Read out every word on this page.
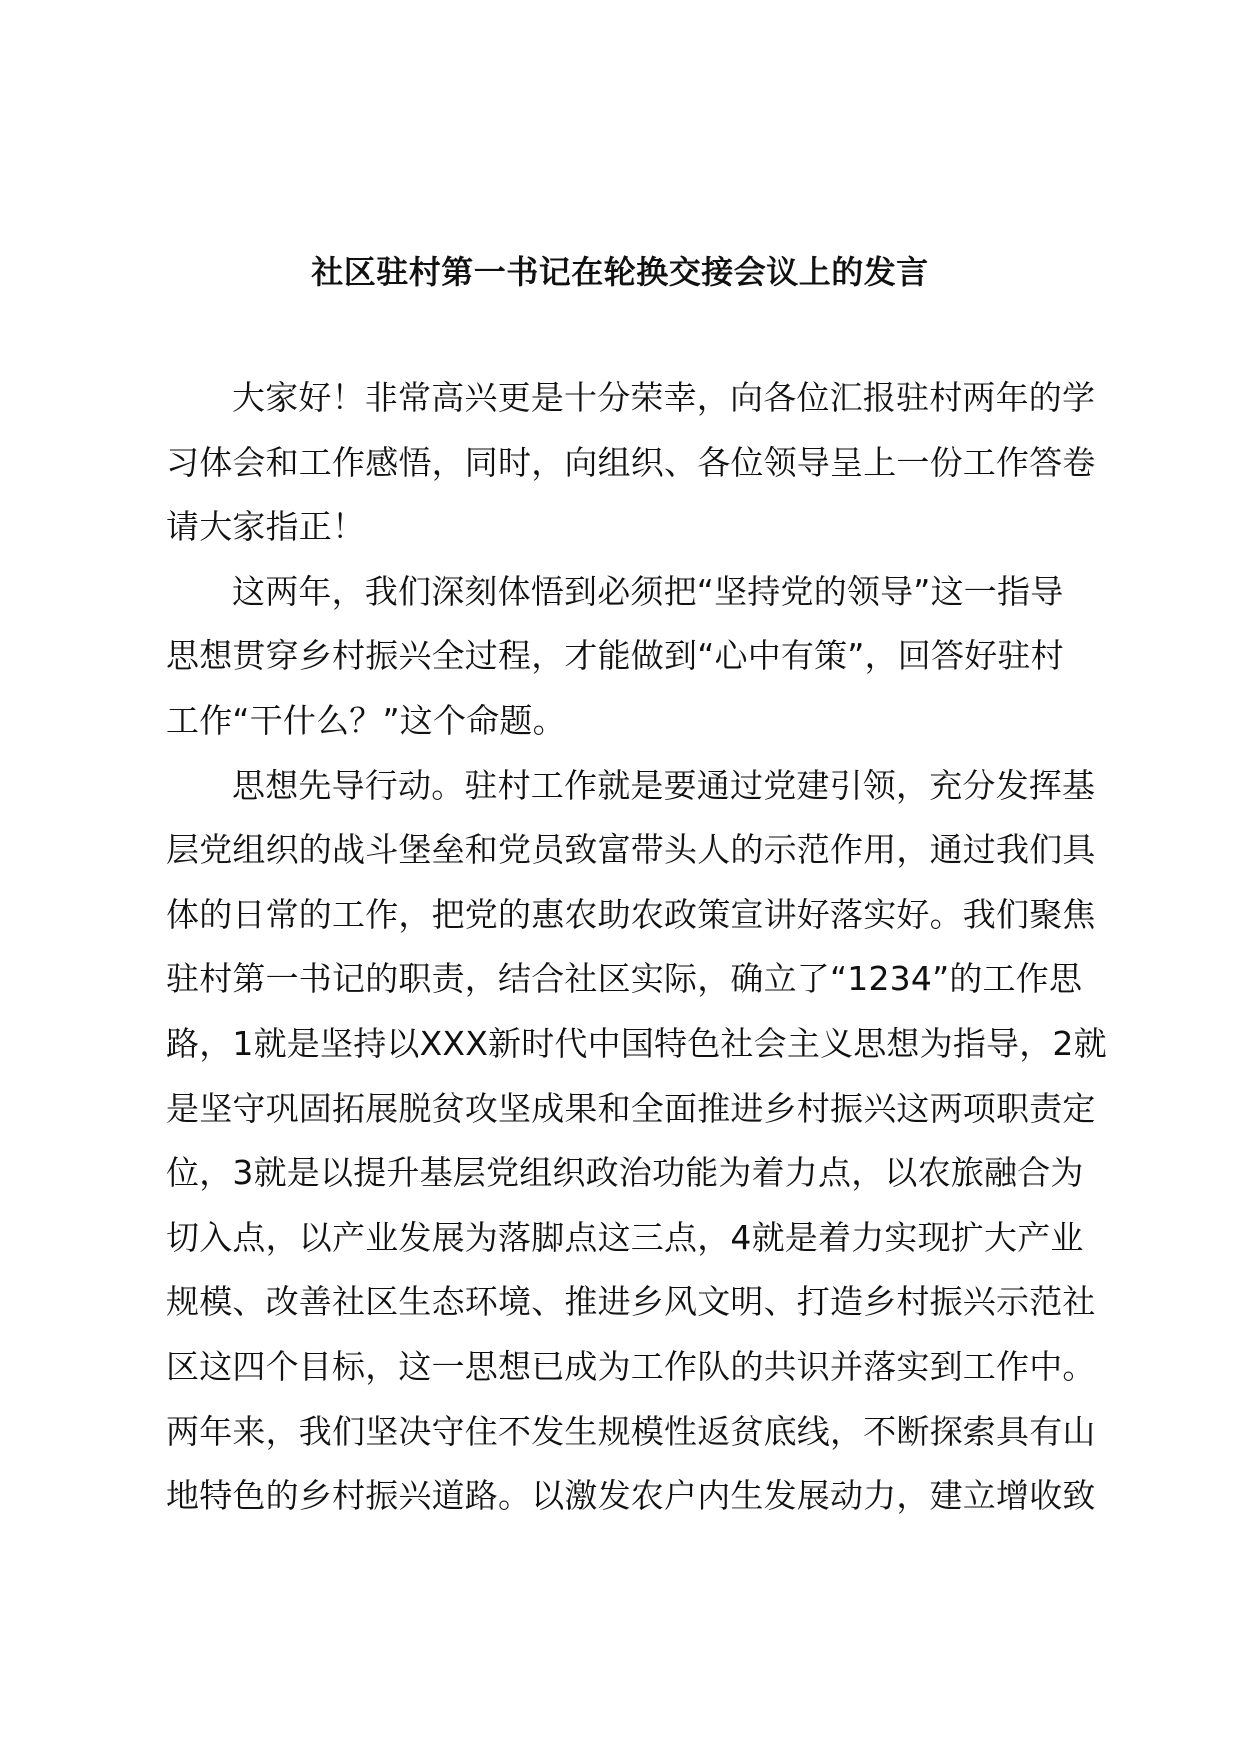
社区驻村第一书记在轮换交接会议上的发言
大家好！非常高兴更是十分荣幸，向各位汇报驻村两年的学
习体会和工作感悟，同时，向组织、各位领导呈上一份工作答卷
请大家指正！
这两年，我们深刻体悟到必须把“坚持党的领导”这一指导
思想贯穿乡村振兴全过程，才能做到“心中有策”，回答好驻村
工作“干什么？”这个命题。
思想先导行动。驻村工作就是要通过党建引领，充分发挥基
层党组织的战斗堡垒和党员致富带头人的示范作用，通过我们具
体的日常的工作，把党的惠农助农政策宣讲好落实好。我们聚焦
驻村第一书记的职责，结合社区实际，确立了“1234”的工作思
路，1就是坚持以XXX新时代中国特色社会主义思想为指导，2就
是坚守巩固拓展脱贫攻坚成果和全面推进乡村振兴这两项职责定
位，3就是以提升基层党组织政治功能为着力点，以农旅融合为
切入点，以产业发展为落脚点这三点，4就是着力实现扩大产业
规模、改善社区生态环境、推进乡风文明、打造乡村振兴示范社
区这四个目标，这一思想已成为工作队的共识并落实到工作中。
两年来，我们坚决守住不发生规模性返贫底线，不断探索具有山
地特色的乡村振兴道路。以激发农户内生发展动力，建立增收致
